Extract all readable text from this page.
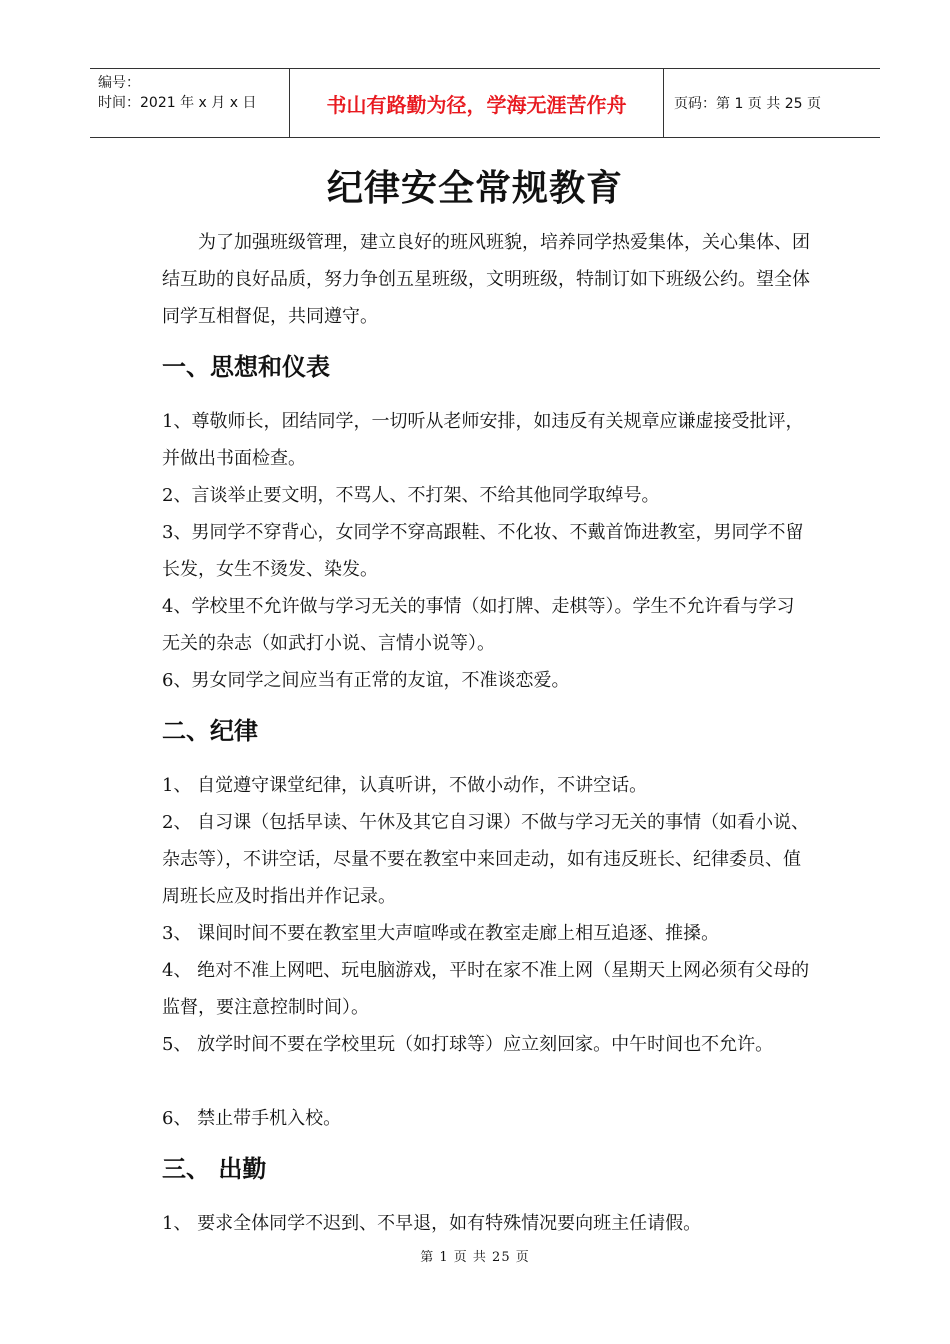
编号：
时间：2021 年 x 月 x 日	书山有路勤为径，学海无涯苦作舟	页码：第 1 页 共 25 页
纪律安全常规教育

为了加强班级管理，建立良好的班风班貌，培养同学热爱集体，关心集体、团结互助的良好品质，努力争创五星班级，文明班级，特制订如下班级公约。望全体同学互相督促，共同遵守。

一、思想和仪表

1、尊敬师长，团结同学，一切听从老师安排，如违反有关规章应谦虚接受批评，并做出书面检查。

2、言谈举止要文明，不骂人、不打架、不给其他同学取绰号。

3、男同学不穿背心，女同学不穿高跟鞋、不化妆、不戴首饰进教室，男同学不留长发，女生不烫发、染发。

4、学校里不允许做与学习无关的事情（如打牌、走棋等）。学生不允许看与学习无关的杂志（如武打小说、言情小说等）。

6、男女同学之间应当有正常的友谊，不准谈恋爱。

二、纪律

1、 自觉遵守课堂纪律，认真听讲，不做小动作，不讲空话。

2、 自习课（包括早读、午休及其它自习课）不做与学习无关的事情（如看小说、杂志等），不讲空话，尽量不要在教室中来回走动，如有违反班长、纪律委员、值周班长应及时指出并作记录。

3、 课间时间不要在教室里大声喧哗或在教室走廊上相互追逐、推搡。

4、 绝对不准上网吧、玩电脑游戏，平时在家不准上网（星期天上网必须有父母的监督，要注意控制时间）。

5、 放学时间不要在学校里玩（如打球等）应立刻回家。中午时间也不允许。

6、 禁止带手机入校。

三、 出勤

1、 要求全体同学不迟到、不早退，如有特殊情况要向班主任请假。

第 1 页 共 25 页
